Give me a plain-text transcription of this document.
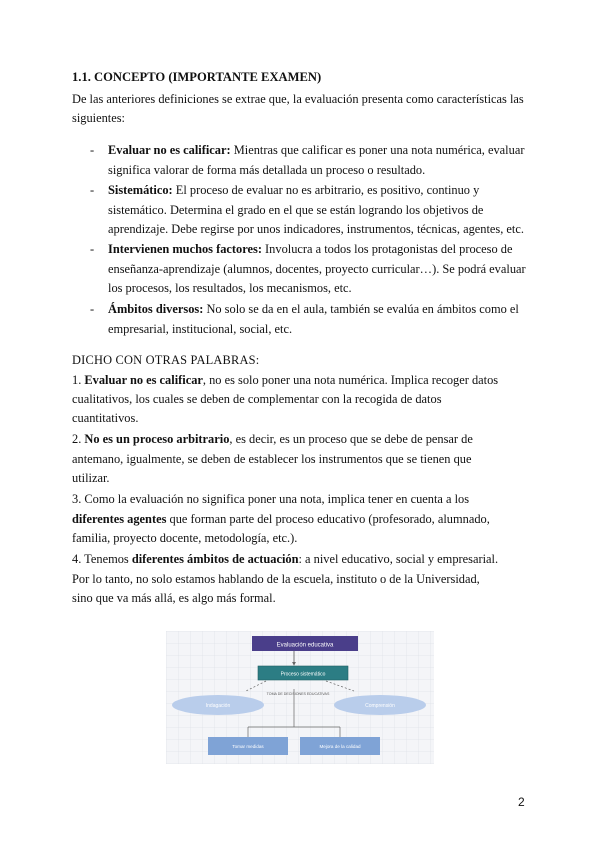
1.1. CONCEPTO (IMPORTANTE EXAMEN)
De las anteriores definiciones se extrae que, la evaluación presenta como características las
siguientes:
- Evaluar no es calificar: Mientras que calificar es poner una nota numérica, evaluar
significa valorar de forma más detallada un proceso o resultado.
- Sistemático: El proceso de evaluar no es arbitrario, es positivo, continuo y
sistemático. Determina el grado en el que se están logrando los objetivos de
aprendizaje. Debe regirse por unos indicadores, instrumentos, técnicas, agentes, etc.
- Intervienen muchos factores: Involucra a todos los protagonistas del proceso de
enseñanza-aprendizaje (alumnos, docentes, proyecto curricular…). Se podrá evaluar
los procesos, los resultados, los mecanismos, etc.
- Ámbitos diversos: No solo se da en el aula, también se evalúa en ámbitos como el
empresarial, institucional, social, etc.
DICHO CON OTRAS PALABRAS:
1. Evaluar no es calificar, no es solo poner una nota numérica. Implica recoger datos
cualitativos, los cuales se deben de complementar con la recogida de datos
cuantitativos.
2. No es un proceso arbitrario, es decir, es un proceso que se debe de pensar de
antemano, igualmente, se deben de establecer los instrumentos que se tienen que
utilizar.
3. Como la evaluación no significa poner una nota, implica tener en cuenta a los
diferentes agentes que forman parte del proceso educativo (profesorado, alumnado,
familia, proyecto docente, metodología, etc.).
4. Tenemos diferentes ámbitos de actuación: a nivel educativo, social y empresarial.
Por lo tanto, no solo estamos hablando de la escuela, instituto o de la Universidad,
sino que va más allá, es algo más formal.
Evaluación educativa
Proceso sistemático
TOMA DE DECISIONES EDUCATIVAS
Indagación	Comprensión
Tomar medidas	Mejora de la calidad
2
